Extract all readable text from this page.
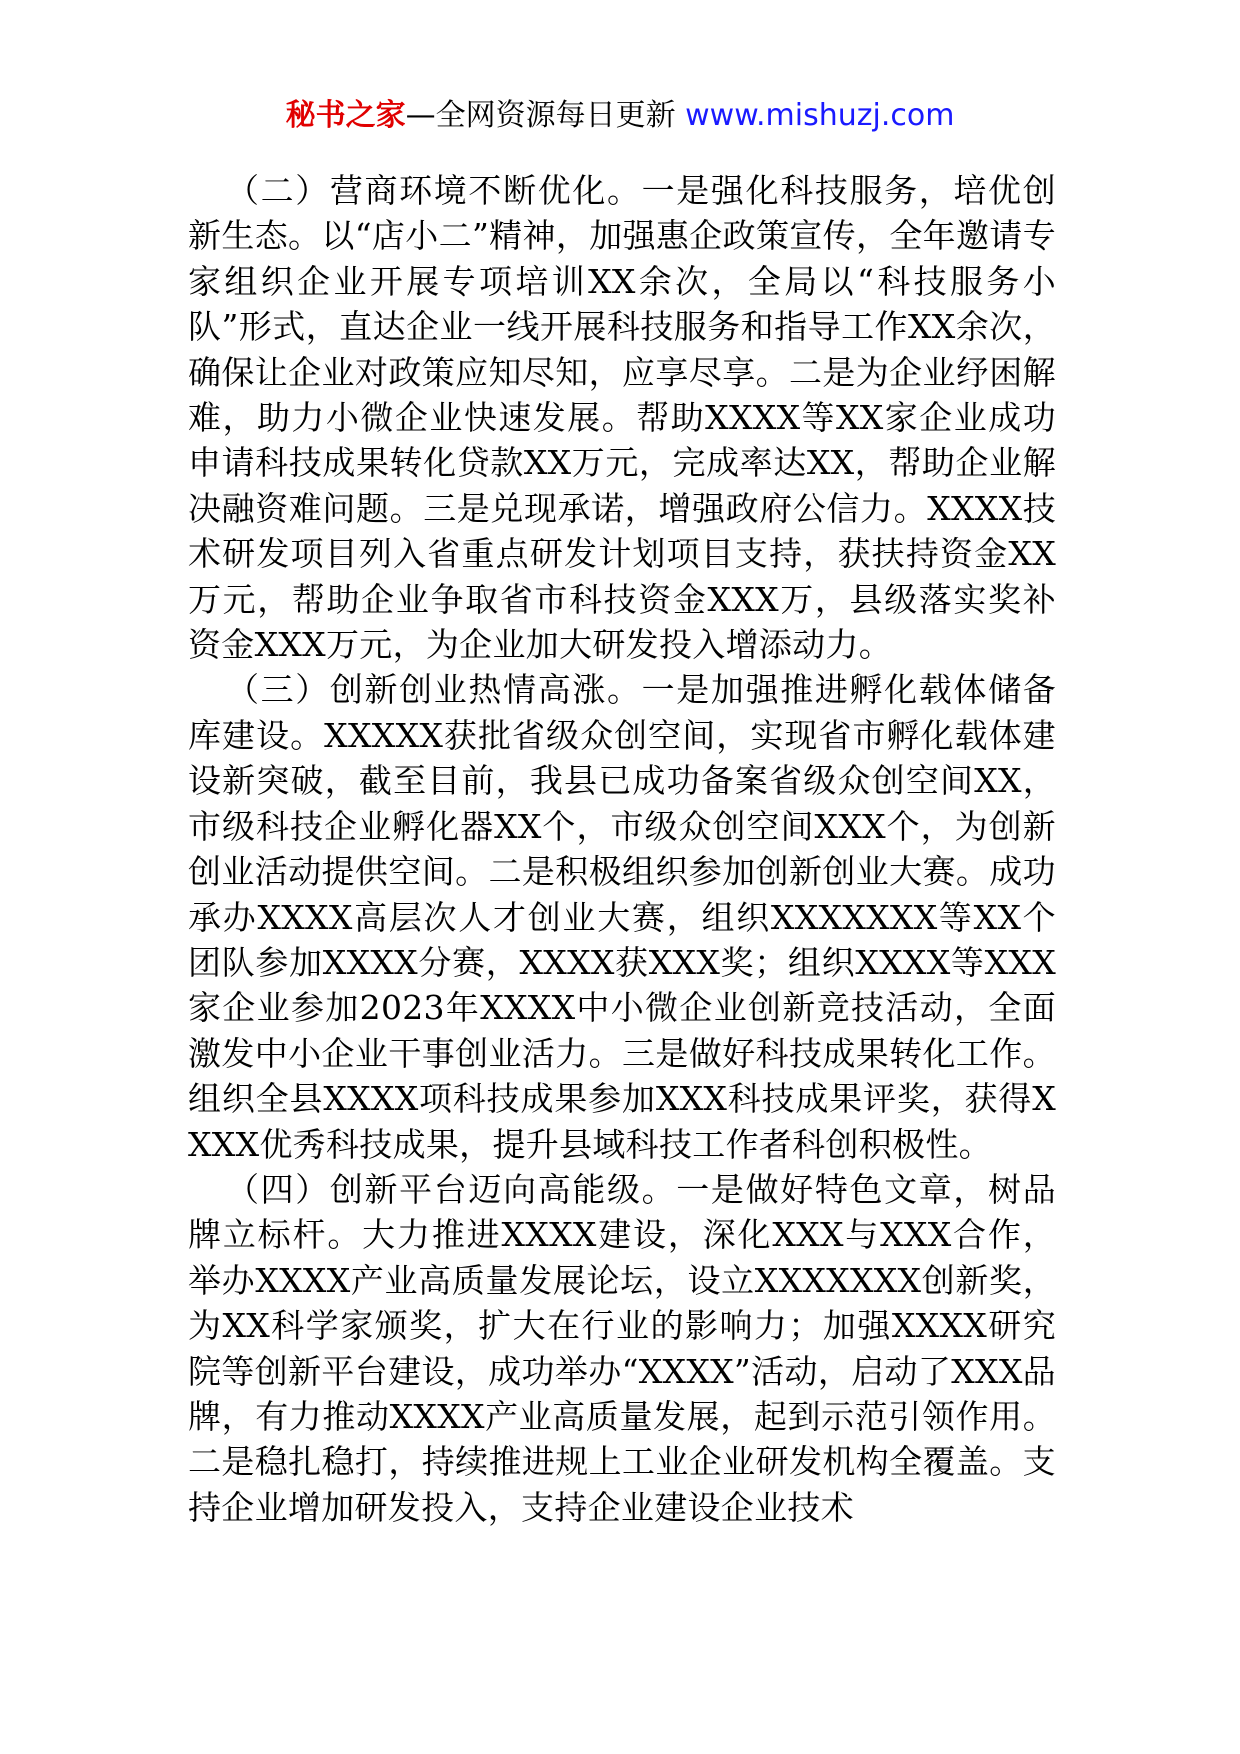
秘书之家—全网资源每日更新 www.mishuzj.com

（二）营商环境不断优化。一是强化科技服务，培优创新生态。以“店小二”精神，加强惠企政策宣传，全年邀请专家组织企业开展专项培训XX余次，全局以“科技服务小队”形式，直达企业一线开展科技服务和指导工作XX余次，确保让企业对政策应知尽知，应享尽享。二是为企业纾困解难，助力小微企业快速发展。帮助XXXX等XX家企业成功申请科技成果转化贷款XX万元，完成率达XX，帮助企业解决融资难问题。三是兑现承诺，增强政府公信力。XXXX技术研发项目列入省重点研发计划项目支持，获扶持资金XX万元，帮助企业争取省市科技资金XXX万，县级落实奖补资金XXX万元，为企业加大研发投入增添动力。

（三）创新创业热情高涨。一是加强推进孵化载体储备库建设。XXXXX获批省级众创空间，实现省市孵化载体建设新突破，截至目前，我县已成功备案省级众创空间XX，市级科技企业孵化器XX个，市级众创空间XXX个，为创新创业活动提供空间。二是积极组织参加创新创业大赛。成功承办XXXX高层次人才创业大赛，组织XXXXXXX等XX个团队参加XXXX分赛，XXXX获XXX奖；组织XXXX等XXX家企业参加2023年XXXX中小微企业创新竞技活动，全面激发中小企业干事创业活力。三是做好科技成果转化工作。组织全县XXXX项科技成果参加XXX科技成果评奖，获得XXXX优秀科技成果，提升县域科技工作者科创积极性。

（四）创新平台迈向高能级。一是做好特色文章，树品牌立标杆。大力推进XXXX建设，深化XXX与XXX合作，举办XXXX产业高质量发展论坛，设立XXXXXXX创新奖，为XX科学家颁奖，扩大在行业的影响力；加强XXXX研究院等创新平台建设，成功举办“XXXX”活动，启动了XXX品牌，有力推动XXXX产业高质量发展，起到示范引领作用。二是稳扎稳打，持续推进规上工业企业研发机构全覆盖。支持企业增加研发投入，支持企业建设企业技术
